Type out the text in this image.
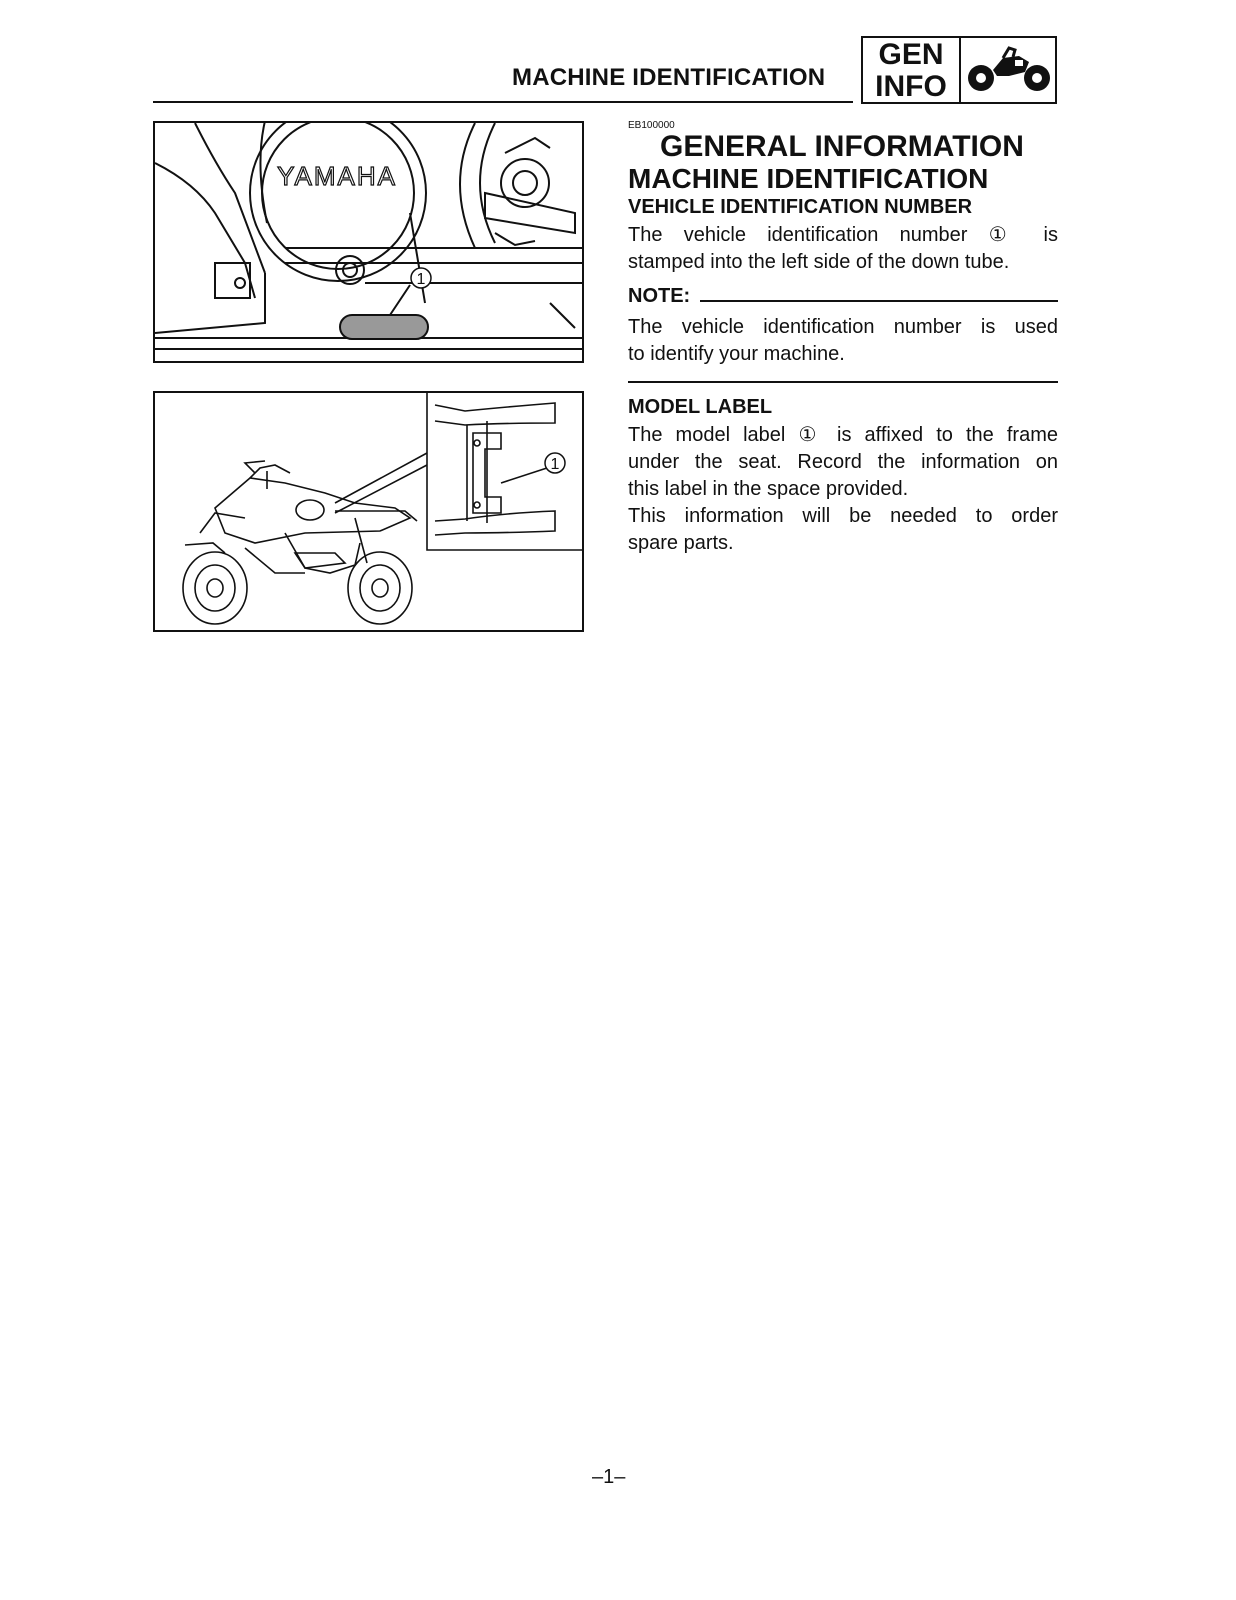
MACHINE IDENTIFICATION
GEN
INFO
1
YAMAHA
1
EB100000
GENERAL INFORMATION
MACHINE IDENTIFICATION
VEHICLE IDENTIFICATION NUMBER
The vehicle identification number ① is
stamped into the left side of the down tube.
NOTE:
The vehicle identification number is used
to identify your machine.
MODEL LABEL
The model label ① is affixed to the frame
under the seat. Record the information on
this label in the space provided.
This information will be needed to order
spare parts.
–1–
